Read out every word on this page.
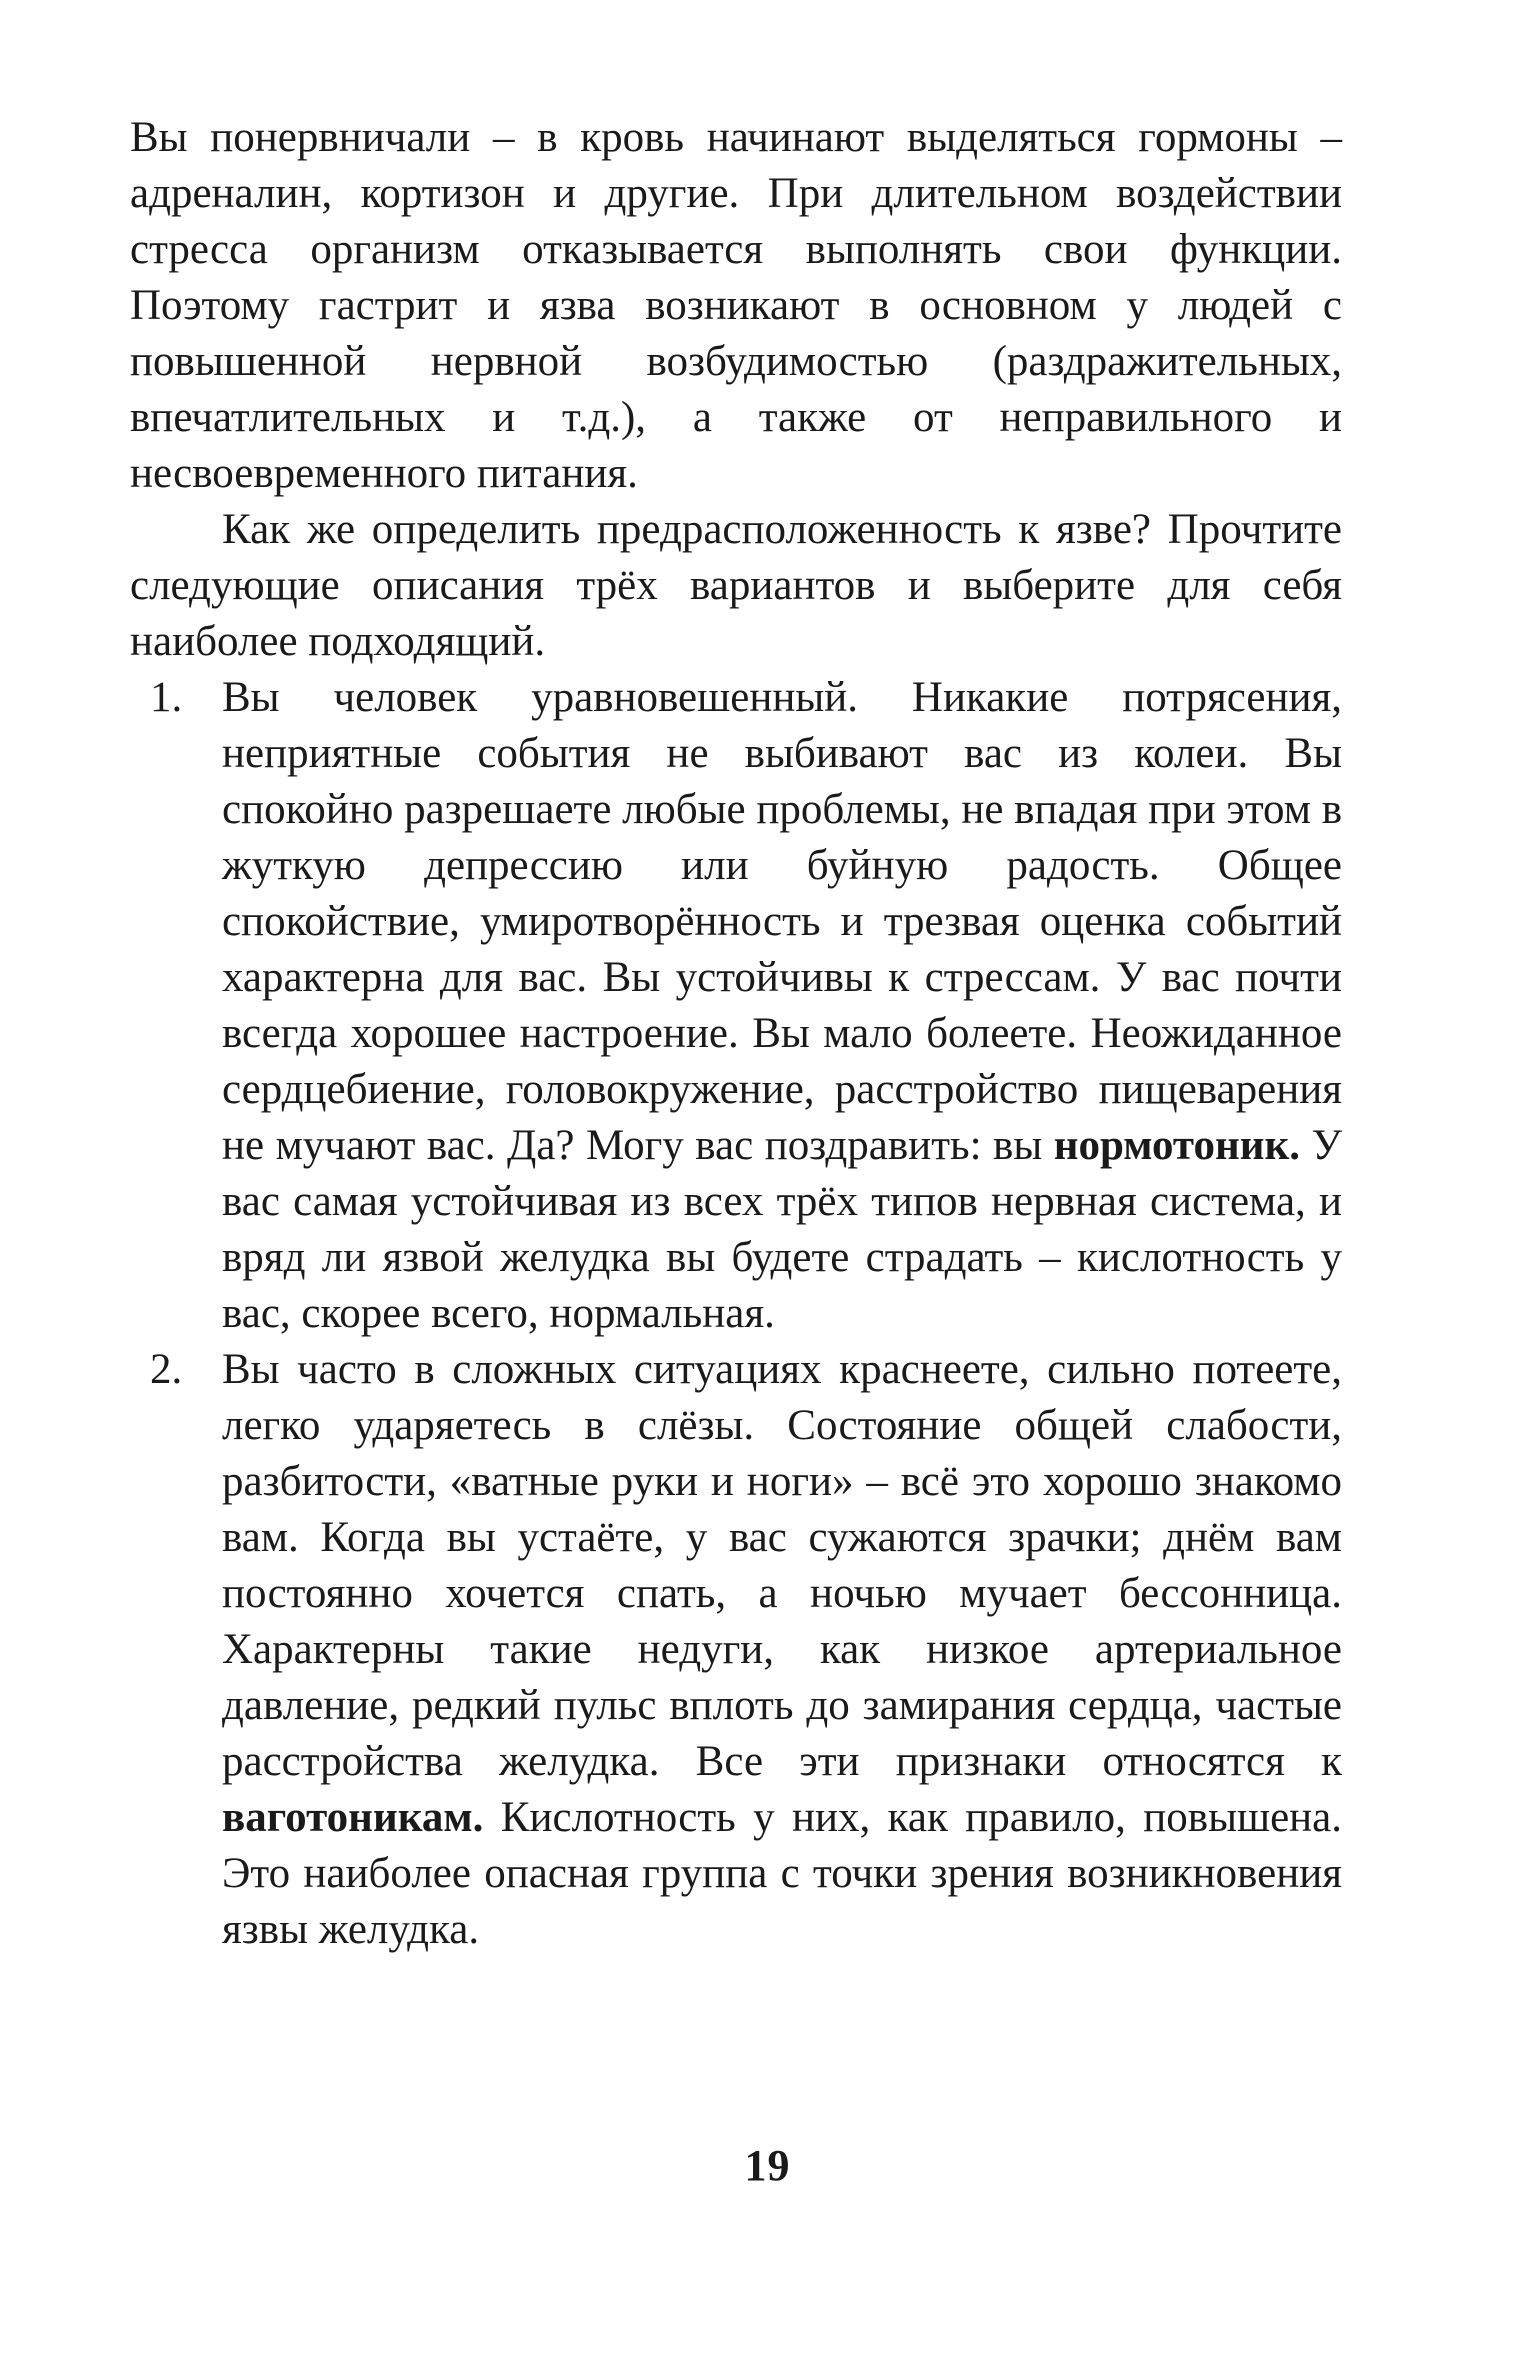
Вы понервничали – в кровь начинают выделяться гормоны – адреналин, кортизон и другие. При длительном воздействии стресса организм отказывается выполнять свои функции. Поэтому гастрит и язва возникают в основном у людей с повышенной нервной возбудимостью (раздражительных, впечатлительных и т.д.), а также от неправильного и несвоевременного питания.

Как же определить предрасположенность к язве? Прочтите следующие описания трёх вариантов и выберите для себя наиболее подходящий.

1. Вы человек уравновешенный. Никакие потрясения, неприятные события не выбивают вас из колеи. Вы спокойно разрешаете любые проблемы, не впадая при этом в жуткую депрессию или буйную радость. Общее спокойствие, умиротворённость и трезвая оценка событий характерна для вас. Вы устойчивы к стрессам. У вас почти всегда хорошее настроение. Вы мало болеете. Неожиданное сердцебиение, головокружение, расстройство пищеварения не мучают вас. Да? Могу вас поздравить: вы нормотоник. У вас самая устойчивая из всех трёх типов нервная система, и вряд ли язвой желудка вы будете страдать – кислотность у вас, скорее всего, нормальная.
2. Вы часто в сложных ситуациях краснеете, сильно потеете, легко ударяетесь в слёзы. Состояние общей слабости, разбитости, «ватные руки и ноги» – всё это хорошо знакомо вам. Когда вы устаёте, у вас сужаются зрачки; днём вам постоянно хочется спать, а ночью мучает бессонница. Характерны такие недуги, как низкое артериальное давление, редкий пульс вплоть до замирания сердца, частые расстройства желудка. Все эти признаки относятся к ваготоникам. Кислотность у них, как правило, повышена. Это наиболее опасная группа с точки зрения возникновения язвы желудка.
19
